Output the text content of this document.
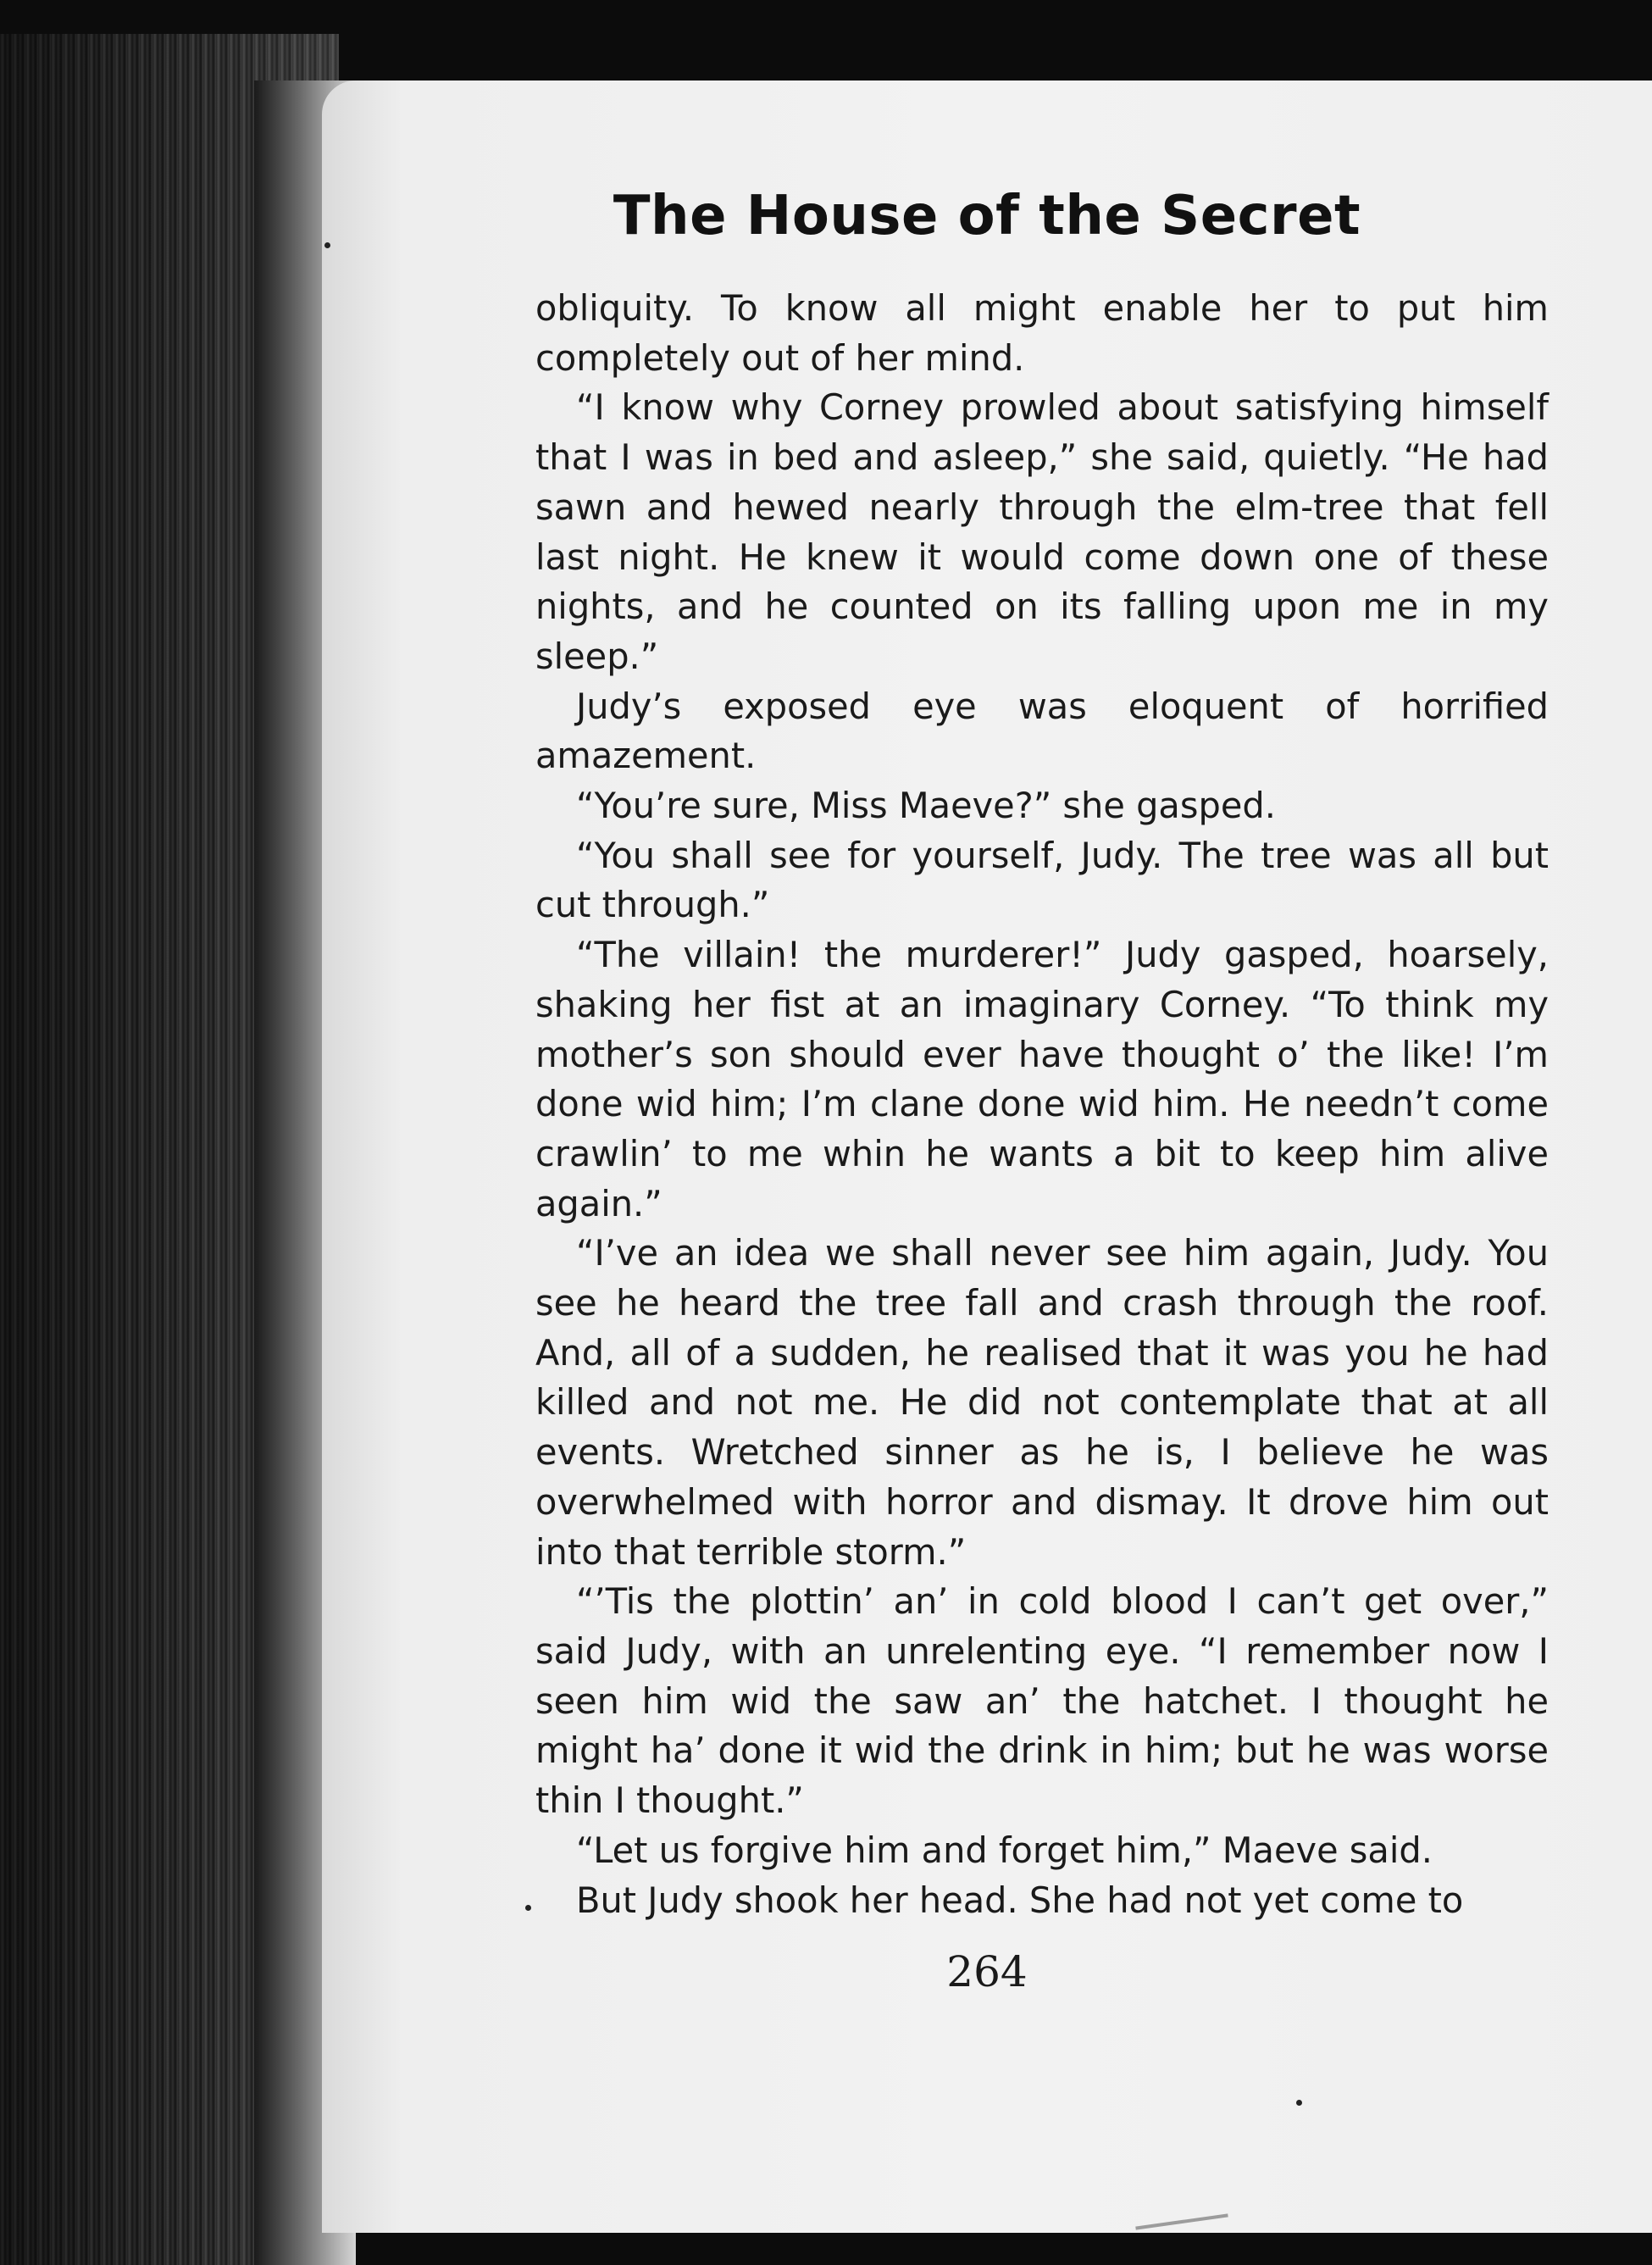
The House of the Secret

obliquity. To know all might enable her to put him completely out of her mind.

“I know why Corney prowled about satisfying himself that I was in bed and asleep,” she said, quietly. “He had sawn and hewed nearly through the elm-tree that fell last night. He knew it would come down one of these nights, and he counted on its falling upon me in my sleep.”

Judy’s exposed eye was eloquent of horrified amazement.

“You’re sure, Miss Maeve?” she gasped.

“You shall see for yourself, Judy. The tree was all but cut through.”

“The villain! the murderer!” Judy gasped, hoarsely, shaking her fist at an imaginary Corney. “To think my mother’s son should ever have thought o’ the like! I’m done wid him; I’m clane done wid him. He needn’t come crawlin’ to me whin he wants a bit to keep him alive again.”

“I’ve an idea we shall never see him again, Judy. You see he heard the tree fall and crash through the roof. And, all of a sudden, he realised that it was you he had killed and not me. He did not contemplate that at all events. Wretched sinner as he is, I believe he was overwhelmed with horror and dismay. It drove him out into that terrible storm.”

“’Tis the plottin’ an’ in cold blood I can’t get over,” said Judy, with an unrelenting eye. “I remember now I seen him wid the saw an’ the hatchet. I thought he might ha’ done it wid the drink in him; but he was worse thin I thought.”

“Let us forgive him and forget him,” Maeve said.

But Judy shook her head. She had not yet come to

264
